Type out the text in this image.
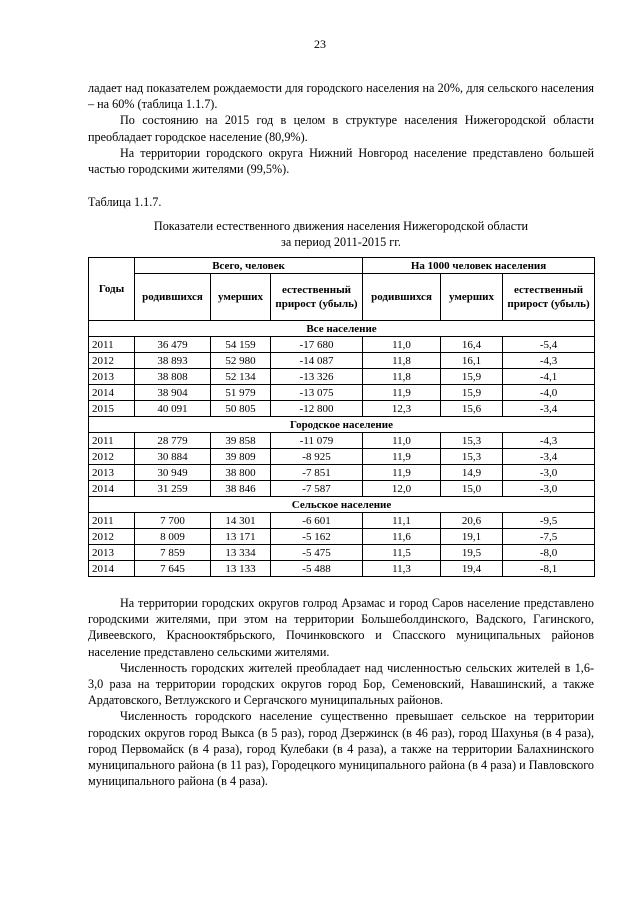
23

ладает над показателем рождаемости для городского населения на 20%, для сельского населения – на 60% (таблица 1.1.7).

По состоянию на 2015 год в целом в структуре населения Нижегородской области преобладает городское население (80,9%).

На территории городского округа Нижний Новгород население представлено большей частью городскими жителями (99,5%).

Таблица 1.1.7.
Показатели естественного движения населения Нижегородской области
за период 2011-2015 гг.
Годы	Всего, человек			На 1000 человек населения		
	родившихся	умерших	естественный прирост (убыль)	родившихся	умерших	естественный прирост (убыль)
Все население						
2011	36 479	54 159	-17 680	11,0	16,4	-5,4
2012	38 893	52 980	-14 087	11,8	16,1	-4,3
2013	38 808	52 134	-13 326	11,8	15,9	-4,1
2014	38 904	51 979	-13 075	11,9	15,9	-4,0
2015	40 091	50 805	-12 800	12,3	15,6	-3,4
Городское население						
2011	28 779	39 858	-11 079	11,0	15,3	-4,3
2012	30 884	39 809	-8 925	11,9	15,3	-3,4
2013	30 949	38 800	-7 851	11,9	14,9	-3,0
2014	31 259	38 846	-7 587	12,0	15,0	-3,0
Сельское население						
2011	7 700	14 301	-6 601	11,1	20,6	-9,5
2012	8 009	13 171	-5 162	11,6	19,1	-7,5
2013	7 859	13 334	-5 475	11,5	19,5	-8,0
2014	7 645	13 133	-5 488	11,3	19,4	-8,1

На территории городских округов голрод Арзамас и город Саров население представлено городскими жителями, при этом на территории Большеболдинского, Вадского, Гагинского, Дивеевского, Краснооктябрьского, Починковского и Спасского муниципальных районов население представлено сельскими жителями.

Численность городских жителей преобладает над численностью сельских жителей в 1,6-3,0 раза на территории городских округов город Бор, Семеновский, Навашинский, а также Ардатовского, Ветлужского и Сергачского муниципальных районов.

Численность городского население существенно превышает сельское на территории городских округов город Выкса (в 5 раз), город Дзержинск (в 46 раз), город Шахунья (в 4 раза), город Первомайск (в 4 раза), город Кулебаки (в 4 раза), а также на территории Балахнинского муниципального района (в 11 раз), Городецкого муниципального района (в 4 раза) и Павловского муниципального района (в 4 раза).
